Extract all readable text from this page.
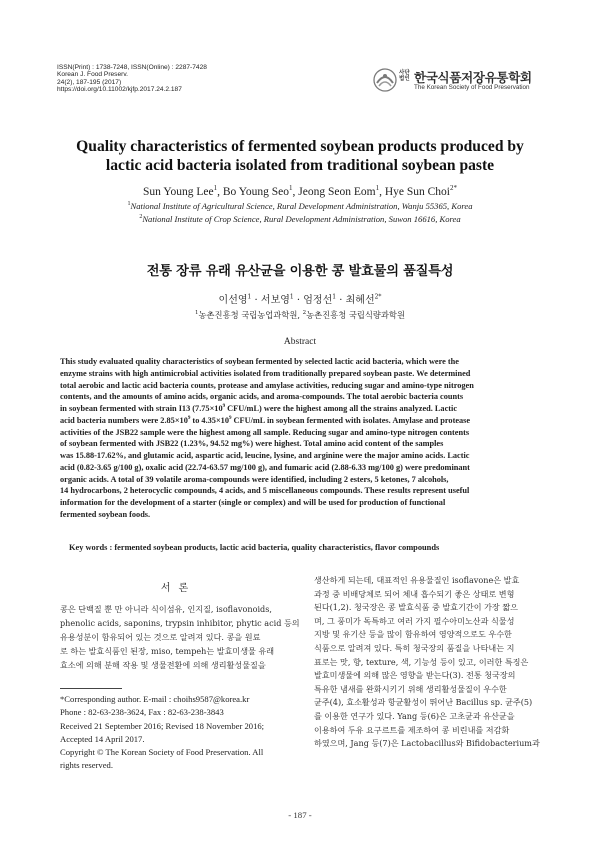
ISSN(Print) : 1738-7248, ISSN(Online) : 2287-7428
Korean J. Food Preserv.
24(2), 187-195 (2017)
https://doi.org/10.11002/kjfp.2017.24.2.187
사단
법인 한국식품저장유통학회
The Korean Society of Food Preservation
Quality characteristics of fermented soybean products produced by
lactic acid bacteria isolated from traditional soybean paste
Sun Young Lee$^1$, Bo Young Seo$^1$, Jeong Seon Eom$^1$, Hye Sun Choi$^{2*}$
$^1$National Institute of Agricultural Science, Rural Development Administration, Wanju 55365, Korea
$^2$National Institute of Crop Science, Rural Development Administration, Suwon 16616, Korea
전통 장류 유래 유산균을 이용한 콩 발효물의 품질특성
이선영$^1$ · 서보영$^1$ · 엄정선$^1$ · 최혜선$^{2*}$
$^1$농촌진흥청 국립농업과학원, $^2$농촌진흥청 국립식량과학원
Abstract
This study evaluated quality characteristics of soybean fermented by selected lactic acid bacteria, which were the
enzyme strains with high antimicrobial activities isolated from traditionally prepared soybean paste. We determined
total aerobic and lactic acid bacteria counts, protease and amylase activities, reducing sugar and amino-type nitrogen
contents, and the amounts of amino acids, organic acids, and aroma-compounds. The total aerobic bacteria counts
in soybean fermented with strain I13 ($7.75\times 10^9$ CFU/mL) were the highest among all the strains analyzed. Lactic
acid bacteria numbers were $2.85\times 10^9$ to $4.35\times 10^9$ CFU/mL in soybean fermented with isolates. Amylase and protease
activities of the JSB22 sample were the highest among all sample. Reducing sugar and amino-type nitrogen contents
of soybean fermented with JSB22 (1.23%, 94.52 mg%) were highest. Total amino acid content of the samples
was 15.88-17.62%, and glutamic acid, aspartic acid, leucine, lysine, and arginine were the major amino acids. Lactic
acid (0.82-3.65 g/100 g), oxalic acid (22.74-63.57 mg/100 g), and fumaric acid (2.88-6.33 mg/100 g) were predominant
organic acids. A total of 39 volatile aroma-compounds were identified, including 2 esters, 5 ketones, 7 alcohols,
14 hydrocarbons, 2 heterocyclic compounds, 4 acids, and 5 miscellaneous compounds. These results represent useful
information for the development of a starter (single or complex) and will be used for production of functional
fermented soybean foods.
Key words : fermented soybean products, lactic acid bacteria, quality characteristics, flavor compounds
서론
콩은 단백질 뿐 만 아니라 식이섬유, 인지질, isoflavonoids,
phenolic acids, saponins, trypsin inhibitor, phytic acid 등의
유용성분이 함유되어 있는 것으로 알려져 있다. 콩을 원료
로 하는 발효식품인 된장, miso, tempeh는 발효미생물 유래
효소에 의해 분해 작용 및 생물전환에 의해 생리활성물질을
*Corresponding author. E-mail : choihs9587@korea.kr
Phone : 82-63-238-3624, Fax : 82-63-238-3843
Received 21 September 2016; Revised 18 November 2016;
Accepted 14 April 2017.
Copyright © The Korean Society of Food Preservation. All
rights reserved.
생산하게 되는데, 대표적인 유용물질인 isoflavone은 발효
과정 중 비배당체로 되어 체내 흡수되기 좋은 상태로 변형
된다(1,2). 청국장은 콩 발효식품 중 발효기간이 가장 짧으
며, 그 풍미가 독특하고 여러 가지 필수아미노산과 식물성
지방 및 유기산 등을 많이 함유하여 영양적으로도 우수한
식품으로 알려져 있다. 특히 청국장의 품질을 나타내는 지
표로는 맛, 향, texture, 색, 기능성 등이 있고, 이러한 특징은
발효미생물에 의해 많은 영향을 받는다(3). 전통 청국장의
특유한 냄새를 완화시키기 위해 생리활성물질이 우수한
균주(4), 효소활성과 항균활성이 뛰어난 Bacillus sp. 균주(5)
를 이용한 연구가 있다. Yang 등(6)은 고초균과 유산균을
이용하여 두유 요구르트를 제조하여 콩 비린내를 저감화
하였으며, Jang 등(7)은 Lactobacillus와 Bifidobacterium과
- 187 -
